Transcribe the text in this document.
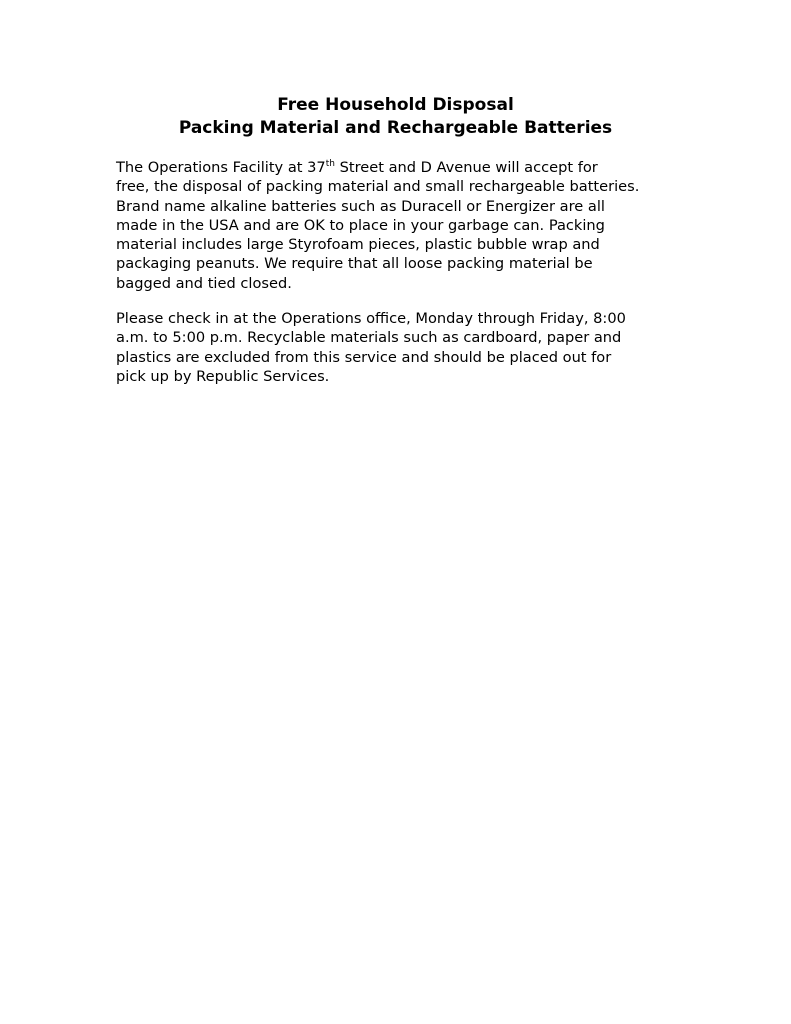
Free Household Disposal
Packing Material and Rechargeable Batteries
The Operations Facility at 37th Street and D Avenue will accept for
free, the disposal of packing material and small rechargeable batteries.
Brand name alkaline batteries such as Duracell or Energizer are all
made in the USA and are OK to place in your garbage can. Packing
material includes large Styrofoam pieces, plastic bubble wrap and
packaging peanuts. We require that all loose packing material be
bagged and tied closed.
Please check in at the Operations office, Monday through Friday, 8:00
a.m. to 5:00 p.m. Recyclable materials such as cardboard, paper and
plastics are excluded from this service and should be placed out for
pick up by Republic Services.
